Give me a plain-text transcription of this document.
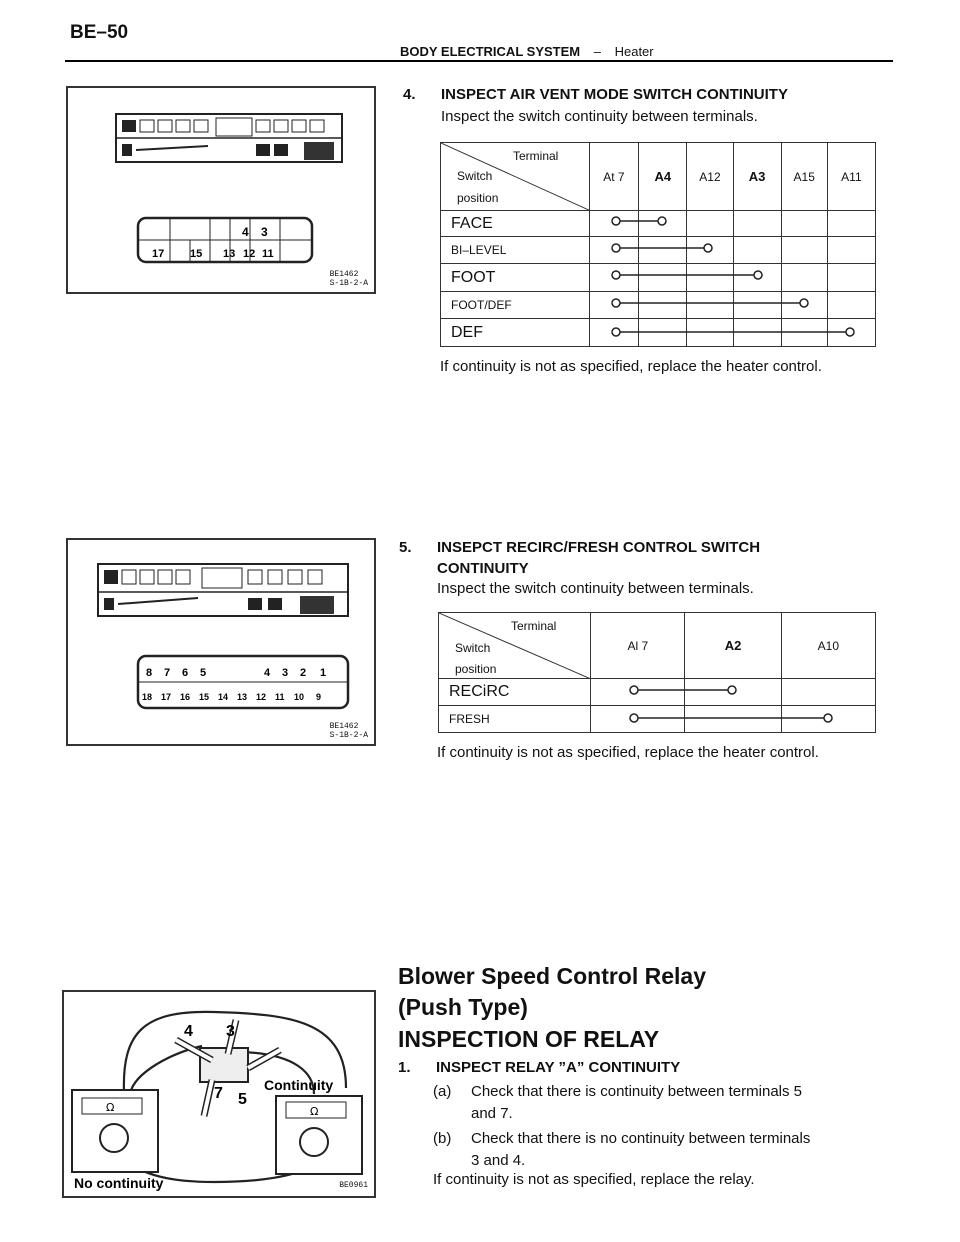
BE–50
BODY ELECTRICAL SYSTEM – Heater
4 3
17 15 13 12 11
BE1462
S-1B-2-A
4. INSPECT AIR VENT MODE SWITCH CONTINUITY
Inspect the switch continuity between terminals.
Terminal
Switch
position	At 7	A4	A12	A3	A15	A11
FACE						
BI–LEVEL						
FOOT						
FOOT/DEF						
DEF						
If continuity is not as specified, replace the heater control.
8 7 6 5	4 3 2 1
18 17 16 15 14 13 12 11 10 9
BE1462
S-1B-2-A
5. INSEPCT RECIRC/FRESH CONTROL SWITCH
CONTINUITY
Inspect the switch continuity between terminals.
Terminal
Switch
position	Al 7	A2	A10
RECiRC			
FRESH			
If continuity is not as specified, replace the heater control.
4 3
7 5
Continuity
Ω	Ω
No continuity	BE0961
Blower Speed Control Relay
(Push Type)
INSPECTION OF RELAY
1. INSPECT RELAY ”A” CONTINUITY
(a)	Check that there is continuity between terminals 5
and 7.
(b)	Check that there is no continuity between terminals
3 and 4.
If continuity is not as specified, replace the relay.
